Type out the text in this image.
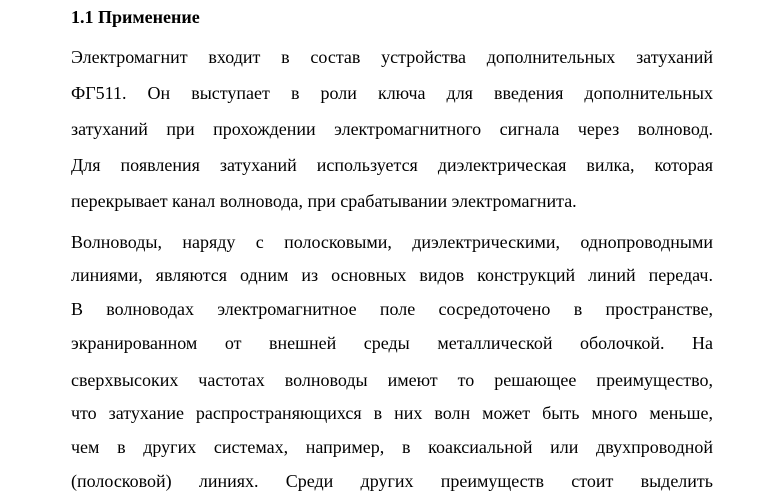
1.1 Применение
Электромагнит входит в состав устройства дополнительных затуханий
ФГ511. Он выступает в роли ключа для введения дополнительных
затуханий при прохождении электромагнитного сигнала через волновод.
Для появления затуханий используется диэлектрическая вилка, которая
перекрывает канал волновода, при срабатывании электромагнита.
Волноводы, наряду с полосковыми, диэлектрическими, однопроводными
линиями, являются одним из основных видов конструкций линий передач.
В волноводах электромагнитное поле сосредоточено в пространстве,
экранированном от внешней среды металлической оболочкой. На
сверхвысоких частотах волноводы имеют то решающее преимущество,
что затухание распространяющихся в них волн может быть много меньше,
чем в других системах, например, в коаксиальной или двухпроводной
(полосковой) линиях. Среди других преимуществ стоит выделить
